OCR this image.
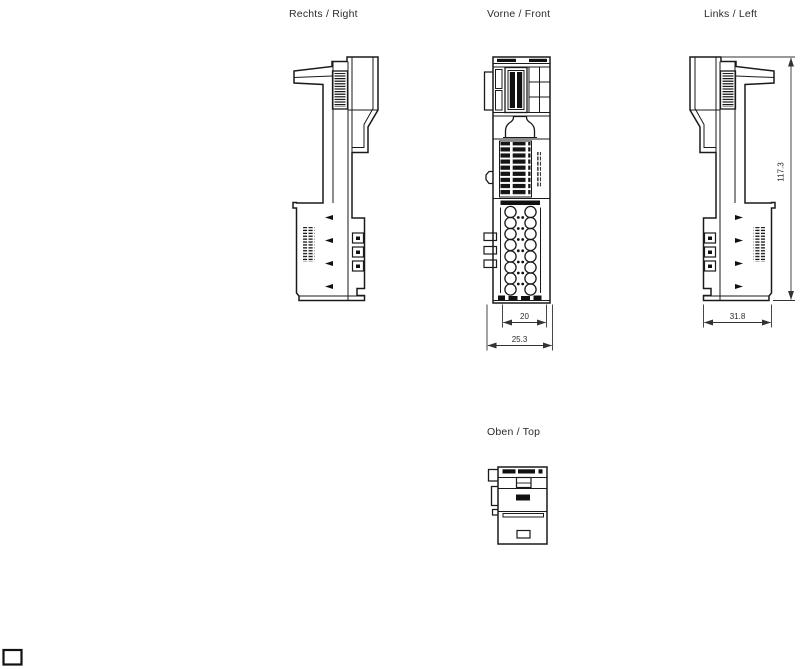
Rechts / Right	Vorne / Front	Links / Left
Oben / Top
31.8
117.3
20
25.3
